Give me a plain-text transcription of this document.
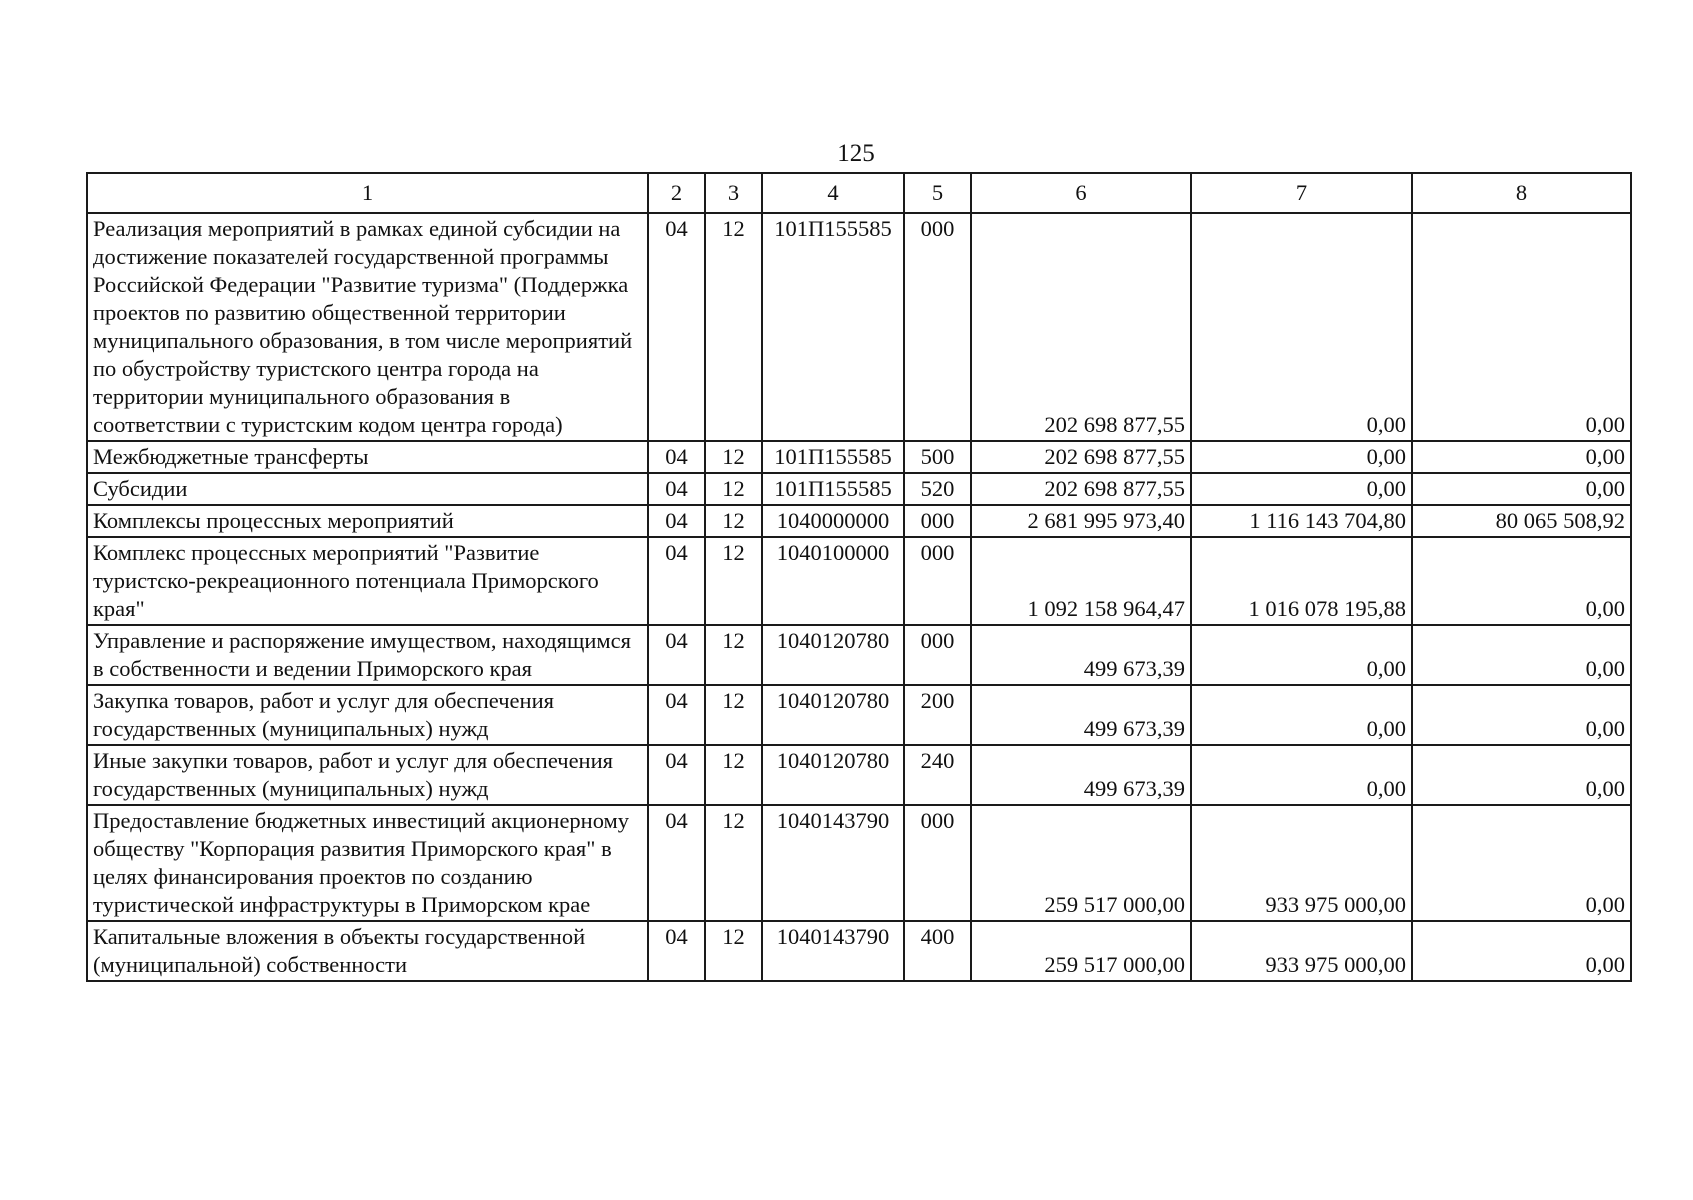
125
1	2	3	4	5	6	7	8
Реализация мероприятий в рамках единой субсидии на достижение показателей государственной программы Российской Федерации "Развитие туризма" (Поддержка проектов по развитию общественной территории муниципального образования, в том числе мероприятий по обустройству туристского центра города на территории муниципального образования в соответствии с туристским кодом центра города)	04	12	101П155585	000	202 698 877,55	0,00	0,00
Межбюджетные трансферты	04	12	101П155585	500	202 698 877,55	0,00	0,00
Субсидии	04	12	101П155585	520	202 698 877,55	0,00	0,00
Комплексы процессных мероприятий	04	12	1040000000	000	2 681 995 973,40	1 116 143 704,80	80 065 508,92
Комплекс процессных мероприятий "Развитие туристско-рекреационного потенциала Приморского края"	04	12	1040100000	000	1 092 158 964,47	1 016 078 195,88	0,00
Управление и распоряжение имуществом, находящимся в собственности и ведении Приморского края	04	12	1040120780	000	499 673,39	0,00	0,00
Закупка товаров, работ и услуг для обеспечения государственных (муниципальных) нужд	04	12	1040120780	200	499 673,39	0,00	0,00
Иные закупки товаров, работ и услуг для обеспечения государственных (муниципальных) нужд	04	12	1040120780	240	499 673,39	0,00	0,00
Предоставление бюджетных инвестиций акционерному обществу "Корпорация развития Приморского края" в целях финансирования проектов по созданию туристической инфраструктуры в Приморском крае	04	12	1040143790	000	259 517 000,00	933 975 000,00	0,00
Капитальные вложения в объекты государственной (муниципальной) собственности	04	12	1040143790	400	259 517 000,00	933 975 000,00	0,00
